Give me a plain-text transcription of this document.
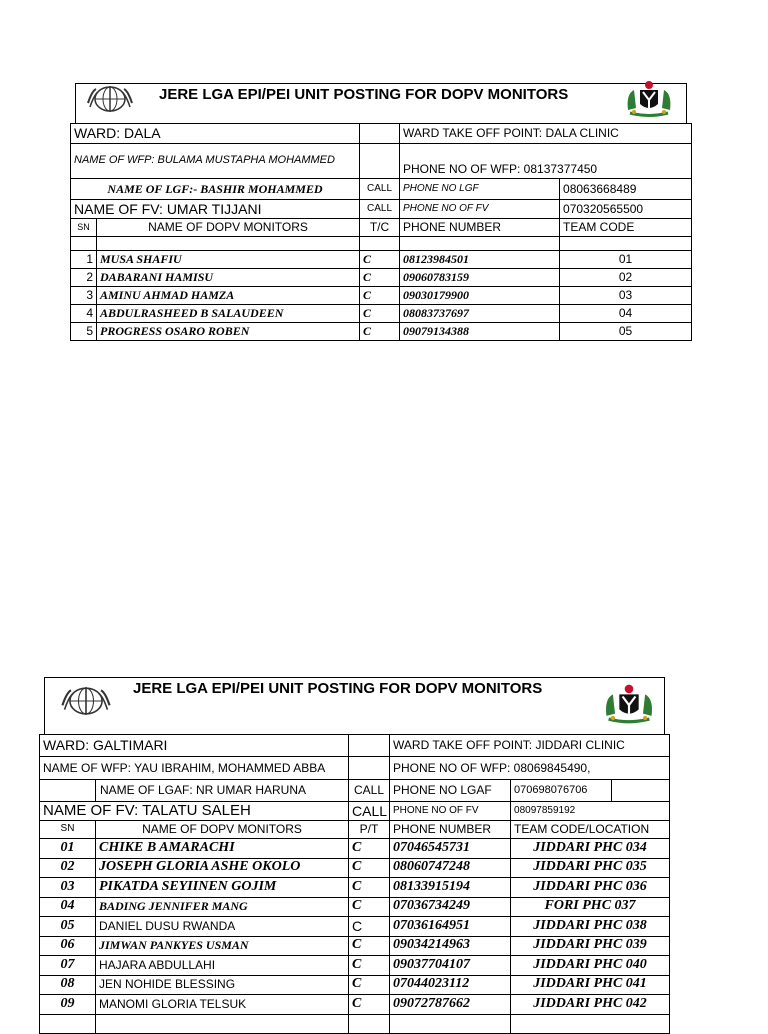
JERE LGA EPI/PEI UNIT POSTING FOR DOPV MONITORS
WARD: DALA			WARD TAKE OFF POINT: DALA CLINIC	
NAME OF WFP: BULAMA MUSTAPHA MOHAMMED			PHONE NO OF WFP: 08137377450	
NAME OF LGF:- BASHIR MOHAMMED		CALL	PHONE NO LGF	08063668489
NAME OF FV: UMAR TIJJANI		CALL	PHONE NO OF FV	070320565500
SN	NAME OF DOPV MONITORS	T/C	PHONE NUMBER	TEAM CODE

1	MUSA SHAFIU	C	08123984501	01
2	DABARANI HAMISU	C	09060783159	02
3	AMINU AHMAD HAMZA	C	09030179900	03
4	ABDULRASHEED B SALAUDEEN	C	08083737697	04
5	PROGRESS OSARO ROBEN	C	09079134388	05
JERE LGA EPI/PEI UNIT POSTING FOR DOPV MONITORS
WARD: GALTIMARI			WARD TAKE OFF POINT: JIDDARI CLINIC		
NAME OF WFP: YAU IBRAHIM, MOHAMMED ABBA			PHONE NO OF WFP: 08069845490,		
	NAME OF LGAF: NR UMAR HARUNA	CALL	PHONE NO LGAF	070698076706	
NAME OF FV: TALATU SALEH		CALL	PHONE NO OF FV	08097859192	
SN	NAME OF DOPV MONITORS	P/T	PHONE NUMBER	TEAM CODE/LOCATION	
01	CHIKE B AMARACHI	C	07046545731	JIDDARI PHC 034	
02	JOSEPH GLORIA ASHE OKOLO	C	08060747248	JIDDARI PHC 035	
03	PIKATDA SEYIINEN GOJIM	C	08133915194	JIDDARI PHC 036	
04	BADING JENNIFER MANG	C	07036734249	FORI PHC 037	
05	DANIEL DUSU RWANDA	C	07036164951	JIDDARI PHC 038	
06	JIMWAN PANKYES USMAN	C	09034214963	JIDDARI PHC 039	
07	HAJARA ABDULLAHI	C	09037704107	JIDDARI PHC 040	
08	JEN NOHIDE BLESSING	C	07044023112	JIDDARI PHC 041	
09	MANOMI GLORIA TELSUK	C	09072787662	JIDDARI PHC 042	
